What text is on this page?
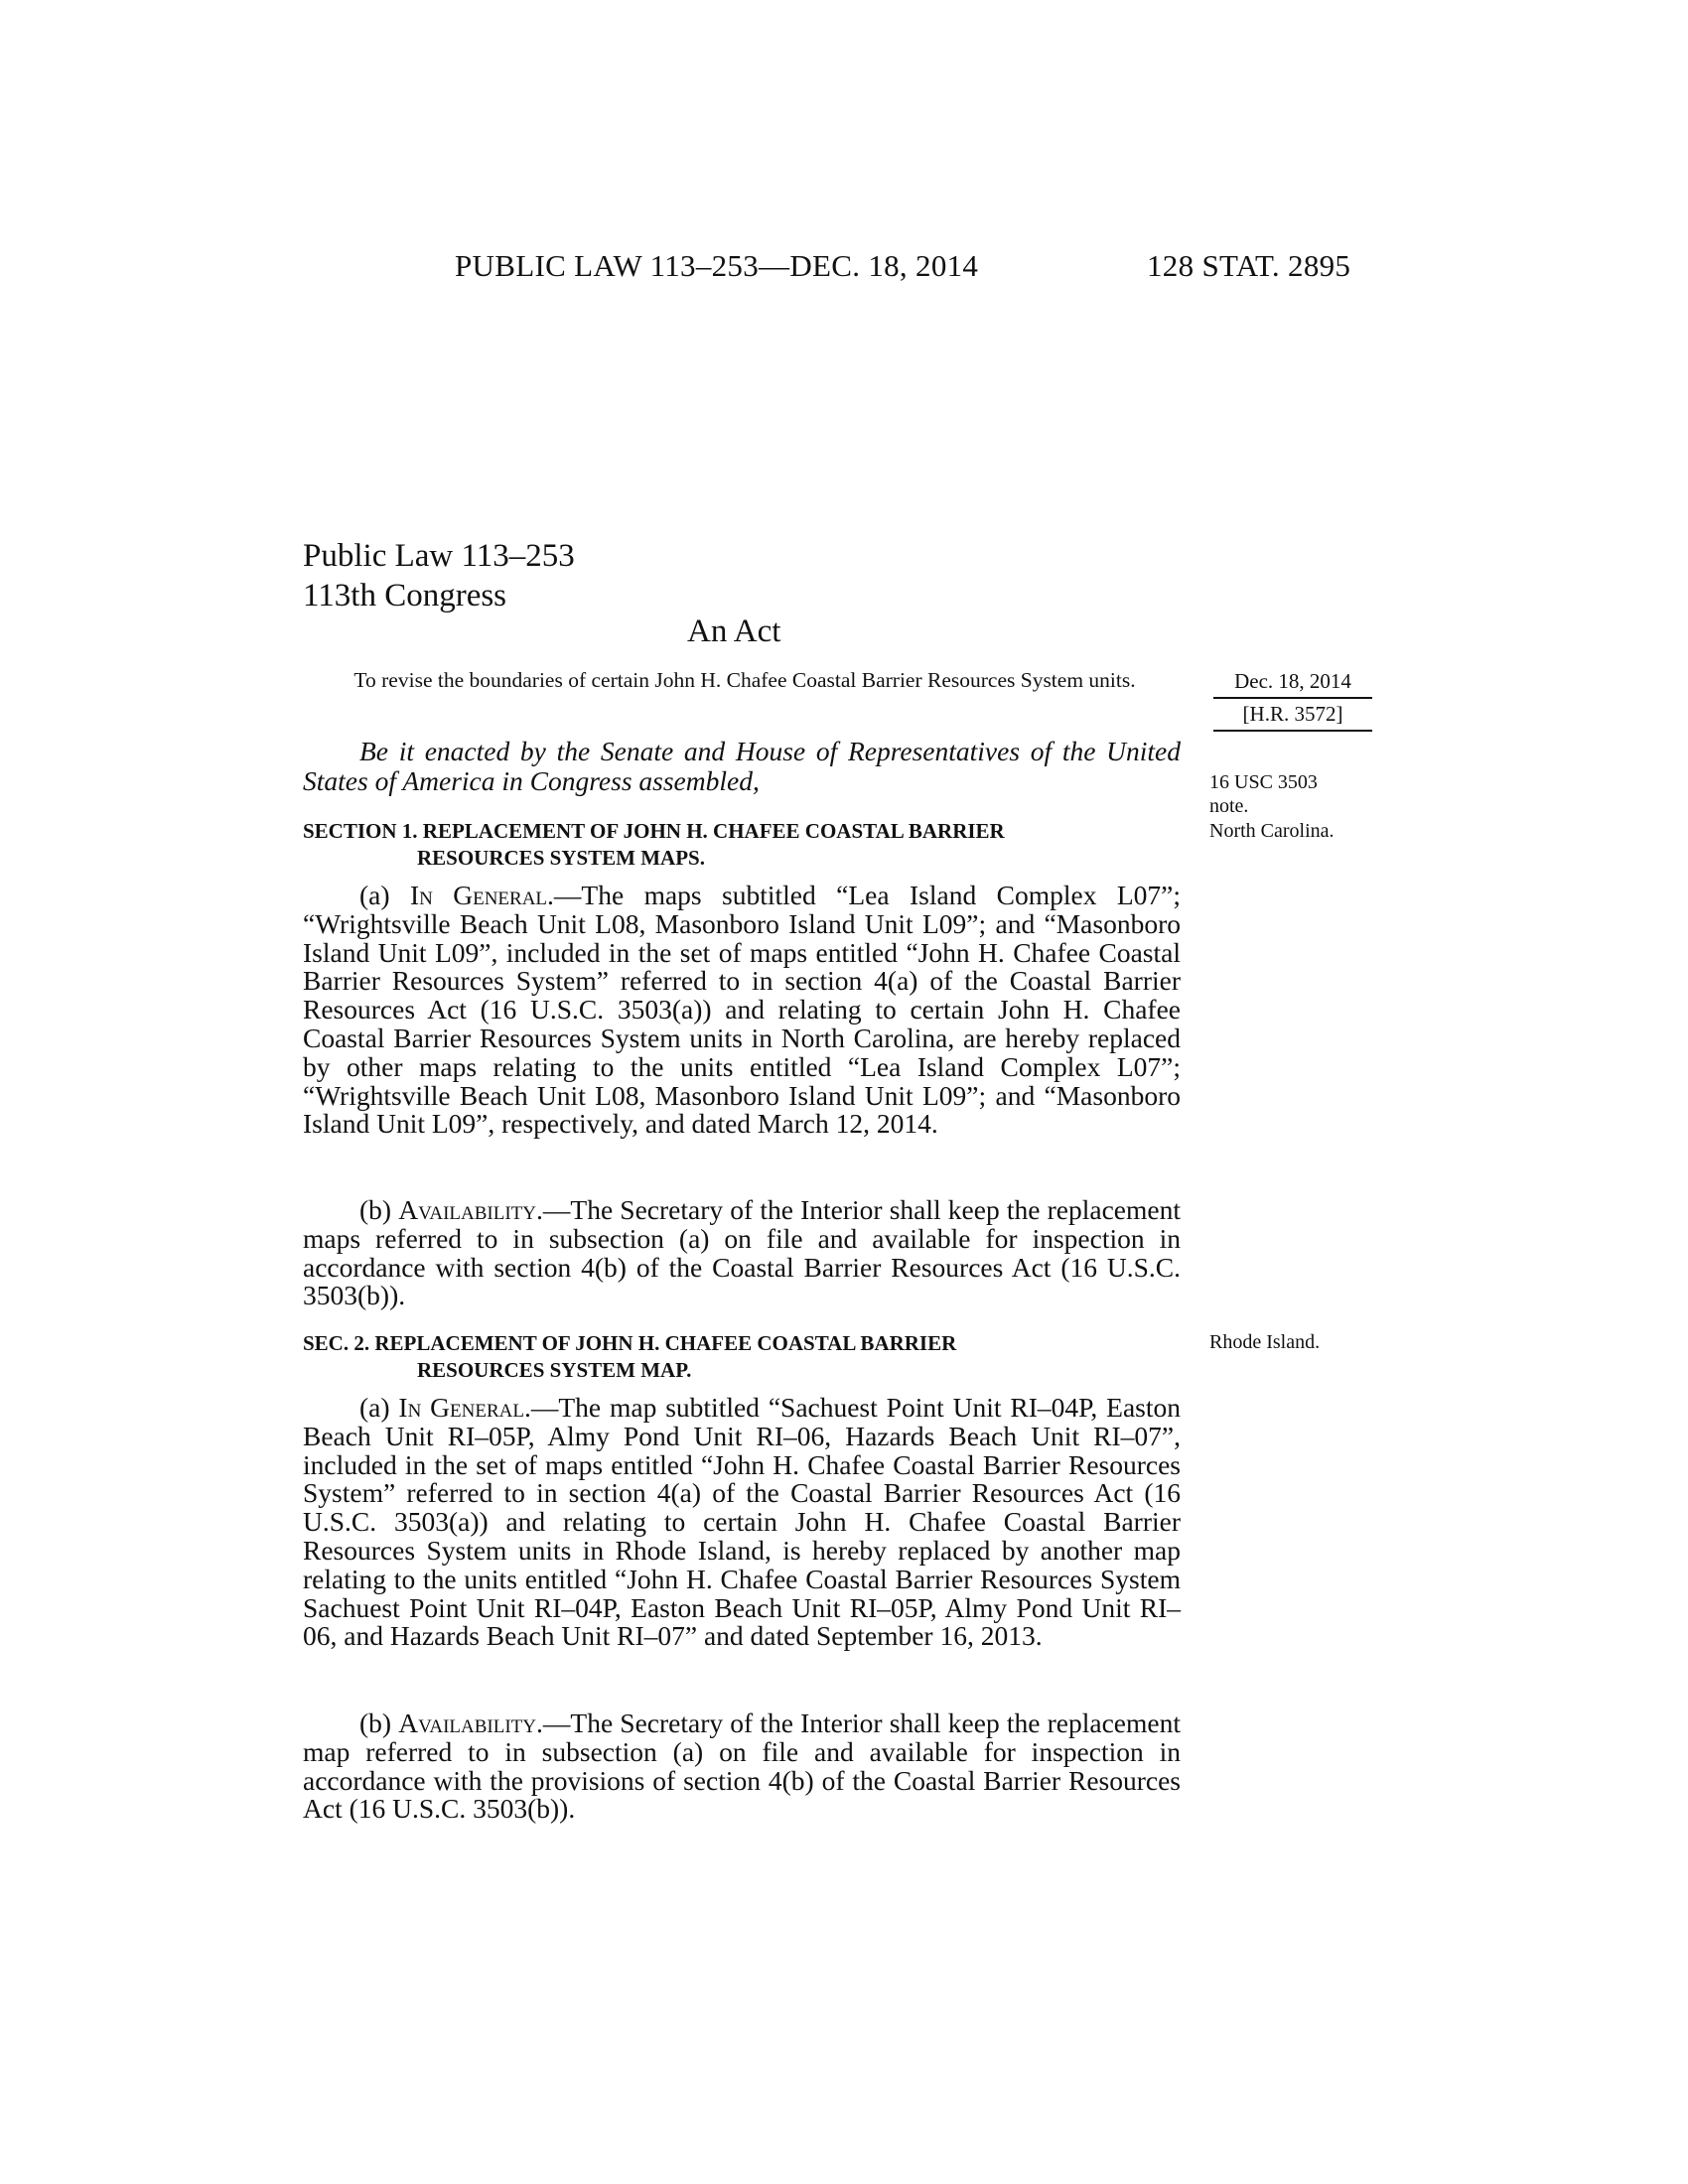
PUBLIC LAW 113–253—DEC. 18, 2014	128 STAT. 2895
Public Law 113–253
113th Congress
An Act
To revise the boundaries of certain John H. Chafee Coastal Barrier Resources System units.	Dec. 18, 2014
[H.R. 3572]
16 USC 3503 note.
North Carolina.
Rhode Island.

Be it enacted by the Senate and House of Representatives of the United States of America in Congress assembled,

SECTION 1. REPLACEMENT OF JOHN H. CHAFEE COASTAL BARRIER
RESOURCES SYSTEM MAPS.

(a) In General.—The maps subtitled “Lea Island Complex L07”; “Wrightsville Beach Unit L08, Masonboro Island Unit L09”; and “Masonboro Island Unit L09”, included in the set of maps entitled “John H. Chafee Coastal Barrier Resources System” referred to in section 4(a) of the Coastal Barrier Resources Act (16 U.S.C. 3503(a)) and relating to certain John H. Chafee Coastal Barrier Resources System units in North Carolina, are hereby replaced by other maps relating to the units entitled “Lea Island Complex L07”; “Wrightsville Beach Unit L08, Masonboro Island Unit L09”; and “Masonboro Island Unit L09”, respectively, and dated March 12, 2014.

(b) Availability.—The Secretary of the Interior shall keep the replacement maps referred to in subsection (a) on file and available for inspection in accordance with section 4(b) of the Coastal Barrier Resources Act (16 U.S.C. 3503(b)).

SEC. 2. REPLACEMENT OF JOHN H. CHAFEE COASTAL BARRIER
RESOURCES SYSTEM MAP.

(a) In General.—The map subtitled “Sachuest Point Unit RI–04P, Easton Beach Unit RI–05P, Almy Pond Unit RI–06, Hazards Beach Unit RI–07”, included in the set of maps entitled “John H. Chafee Coastal Barrier Resources System” referred to in section 4(a) of the Coastal Barrier Resources Act (16 U.S.C. 3503(a)) and relating to certain John H. Chafee Coastal Barrier Resources System units in Rhode Island, is hereby replaced by another map relating to the units entitled “John H. Chafee Coastal Barrier Resources System Sachuest Point Unit RI–04P, Easton Beach Unit RI–05P, Almy Pond Unit RI–06, and Hazards Beach Unit RI–07” and dated September 16, 2013.

(b) Availability.—The Secretary of the Interior shall keep the replacement map referred to in subsection (a) on file and available for inspection in accordance with the provisions of section 4(b) of the Coastal Barrier Resources Act (16 U.S.C. 3503(b)).
